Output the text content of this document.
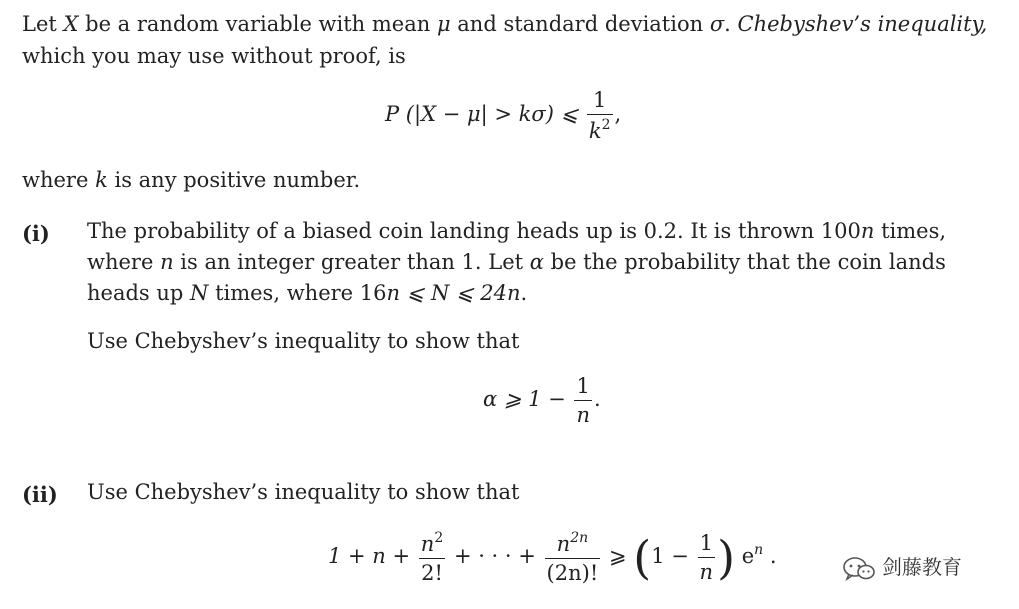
Let X be a random variable with mean μ and standard deviation σ. Chebyshev’s inequality,
which you may use without proof, is
P (|X − μ| > kσ) ⩽ $\frac{1}{k^2}$ ,
where k is any positive number.
(i) The probability of a biased coin landing heads up is 0.2. It is thrown 100n times,
where n is an integer greater than 1. Let α be the probability that the coin lands
heads up N times, where 16n ⩽ N ⩽ 24n.
Use Chebyshev’s inequality to show that
α ⩾ $1 - \frac{1}{n}$ .
(ii) Use Chebyshev’s inequality to show that
$1 + n + \frac{n^2}{2!}$ + · · · + $\frac{n^{2n}}{(2n)!}$ ⩾ ($1 - \frac{1}{n}$ ) $e^n$ .	剑藤教育
